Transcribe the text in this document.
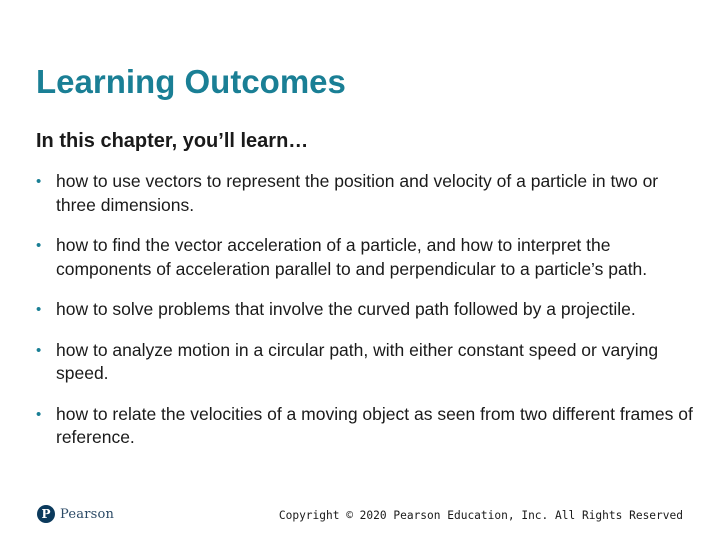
Learning Outcomes

In this chapter, you’ll learn…

• how to use vectors to represent the position and velocity of a particle in two or three dimensions.
• how to find the vector acceleration of a particle, and how to interpret the components of acceleration parallel to and perpendicular to a particle’s path.
• how to solve problems that involve the curved path followed by a projectile.
• how to analyze motion in a circular path, with either constant speed or varying speed.
• how to relate the velocities of a moving object as seen from two different frames of reference.
P Pearson	Copyright © 2020 Pearson Education, Inc. All Rights Reserved
